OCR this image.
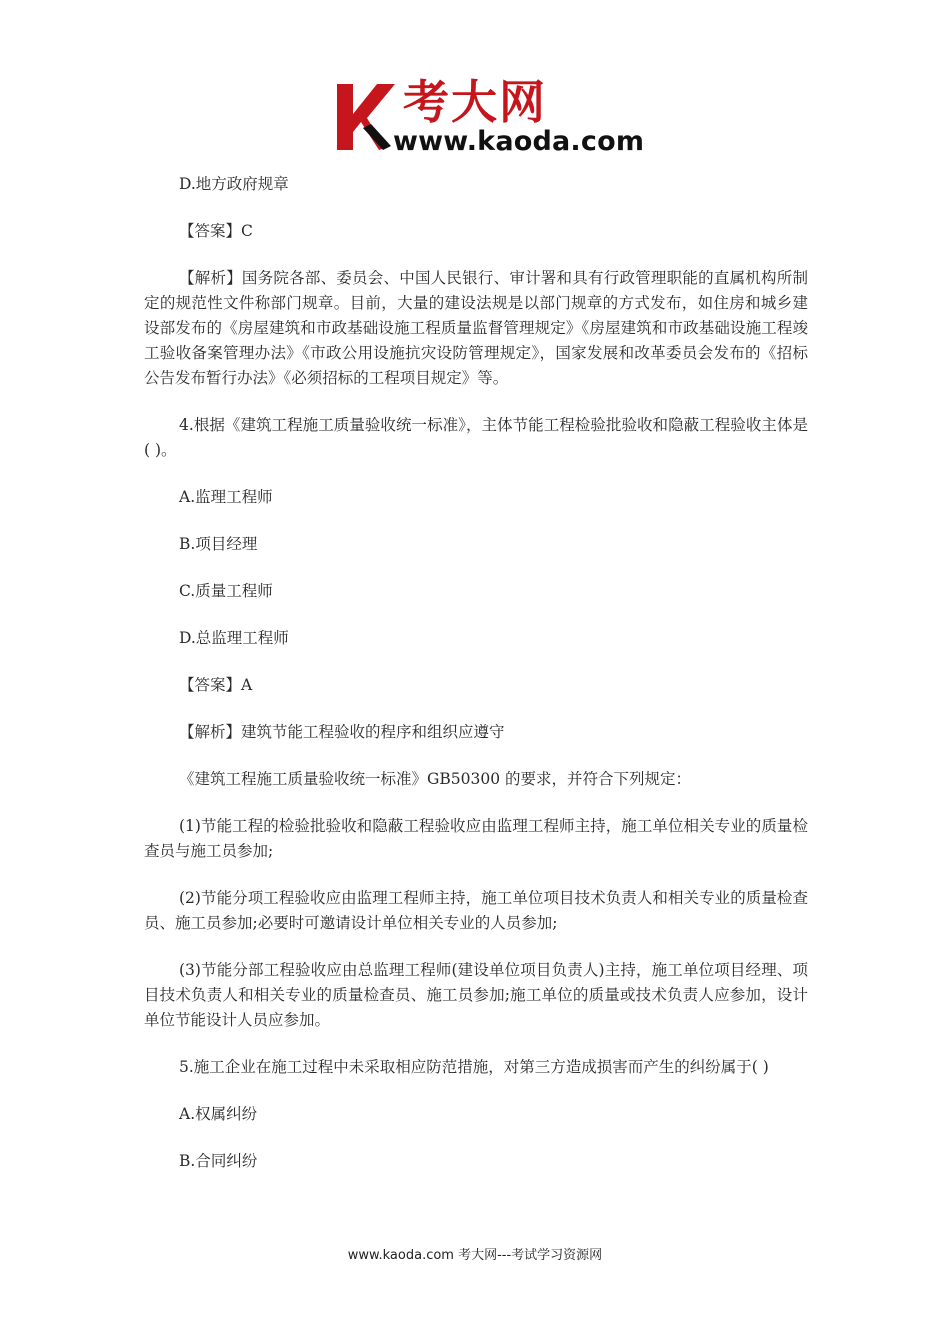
考大网
www.kaoda.com

D.地方政府规章

【答案】C

【解析】国务院各部、委员会、中国人民银行、审计署和具有行政管理职能的直属机构所制定的规范性文件称部门规章。目前，大量的建设法规是以部门规章的方式发布，如住房和城乡建设部发布的《房屋建筑和市政基础设施工程质量监督管理规定》《房屋建筑和市政基础设施工程竣工验收备案管理办法》《市政公用设施抗灾设防管理规定》，国家发展和改革委员会发布的《招标公告发布暂行办法》《必须招标的工程项目规定》等。

4.根据《建筑工程施工质量验收统一标准》，主体节能工程检验批验收和隐蔽工程验收主体是( )。

A.监理工程师

B.项目经理

C.质量工程师

D.总监理工程师

【答案】A

【解析】建筑节能工程验收的程序和组织应遵守

《建筑工程施工质量验收统一标准》GB50300 的要求，并符合下列规定：

(1)节能工程的检验批验收和隐蔽工程验收应由监理工程师主持，施工单位相关专业的质量检查员与施工员参加;

(2)节能分项工程验收应由监理工程师主持，施工单位项目技术负责人和相关专业的质量检查员、施工员参加;必要时可邀请设计单位相关专业的人员参加;

(3)节能分部工程验收应由总监理工程师(建设单位项目负责人)主持，施工单位项目经理、项目技术负责人和相关专业的质量检查员、施工员参加;施工单位的质量或技术负责人应参加，设计单位节能设计人员应参加。

5.施工企业在施工过程中未采取相应防范措施，对第三方造成损害而产生的纠纷属于( )

A.权属纠纷

B.合同纠纷

www.kaoda.com 考大网---考试学习资源网
